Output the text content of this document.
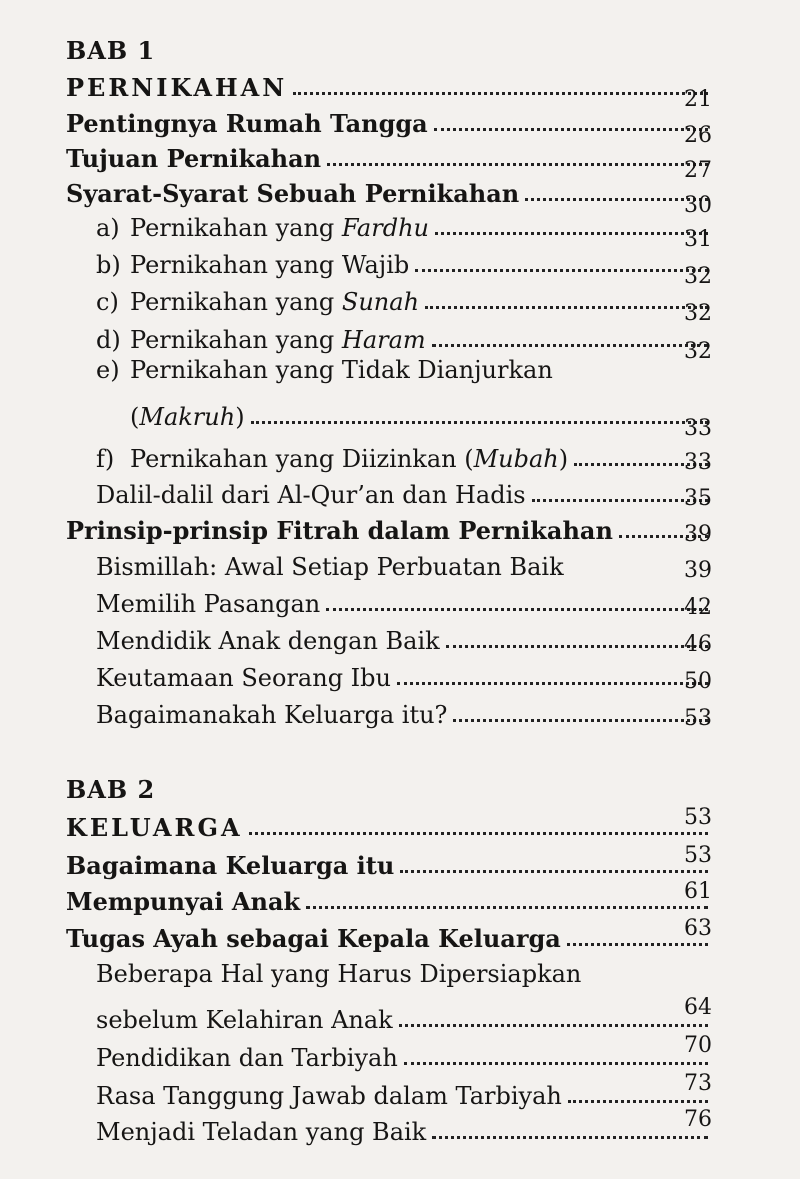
BAB 1
PERNIKAHAN	21
Pentingnya Rumah Tangga	26
Tujuan Pernikahan	27
Syarat-Syarat Sebuah Pernikahan	30
a) Pernikahan yang Fardhu	31
b) Pernikahan yang Wajib	32
c) Pernikahan yang Sunah	32
d) Pernikahan yang Haram	32
e) Pernikahan yang Tidak Dianjurkan
(Makruh)	33
f) Pernikahan yang Diizinkan (Mubah)	33
Dalil-dalil dari Al-Qur’an dan Hadis	35
Prinsip-prinsip Fitrah dalam Pernikahan	39
Bismillah: Awal Setiap Perbuatan Baik	39
Memilih Pasangan	42
Mendidik Anak dengan Baik	46
Keutamaan Seorang Ibu	50
Bagaimanakah Keluarga itu?	53
BAB 2
KELUARGA	53
Bagaimana Keluarga itu	53
Mempunyai Anak	61
Tugas Ayah sebagai Kepala Keluarga	63
Beberapa Hal yang Harus Dipersiapkan
sebelum Kelahiran Anak	64
Pendidikan dan Tarbiyah	70
Rasa Tanggung Jawab dalam Tarbiyah	73
Menjadi Teladan yang Baik	76
